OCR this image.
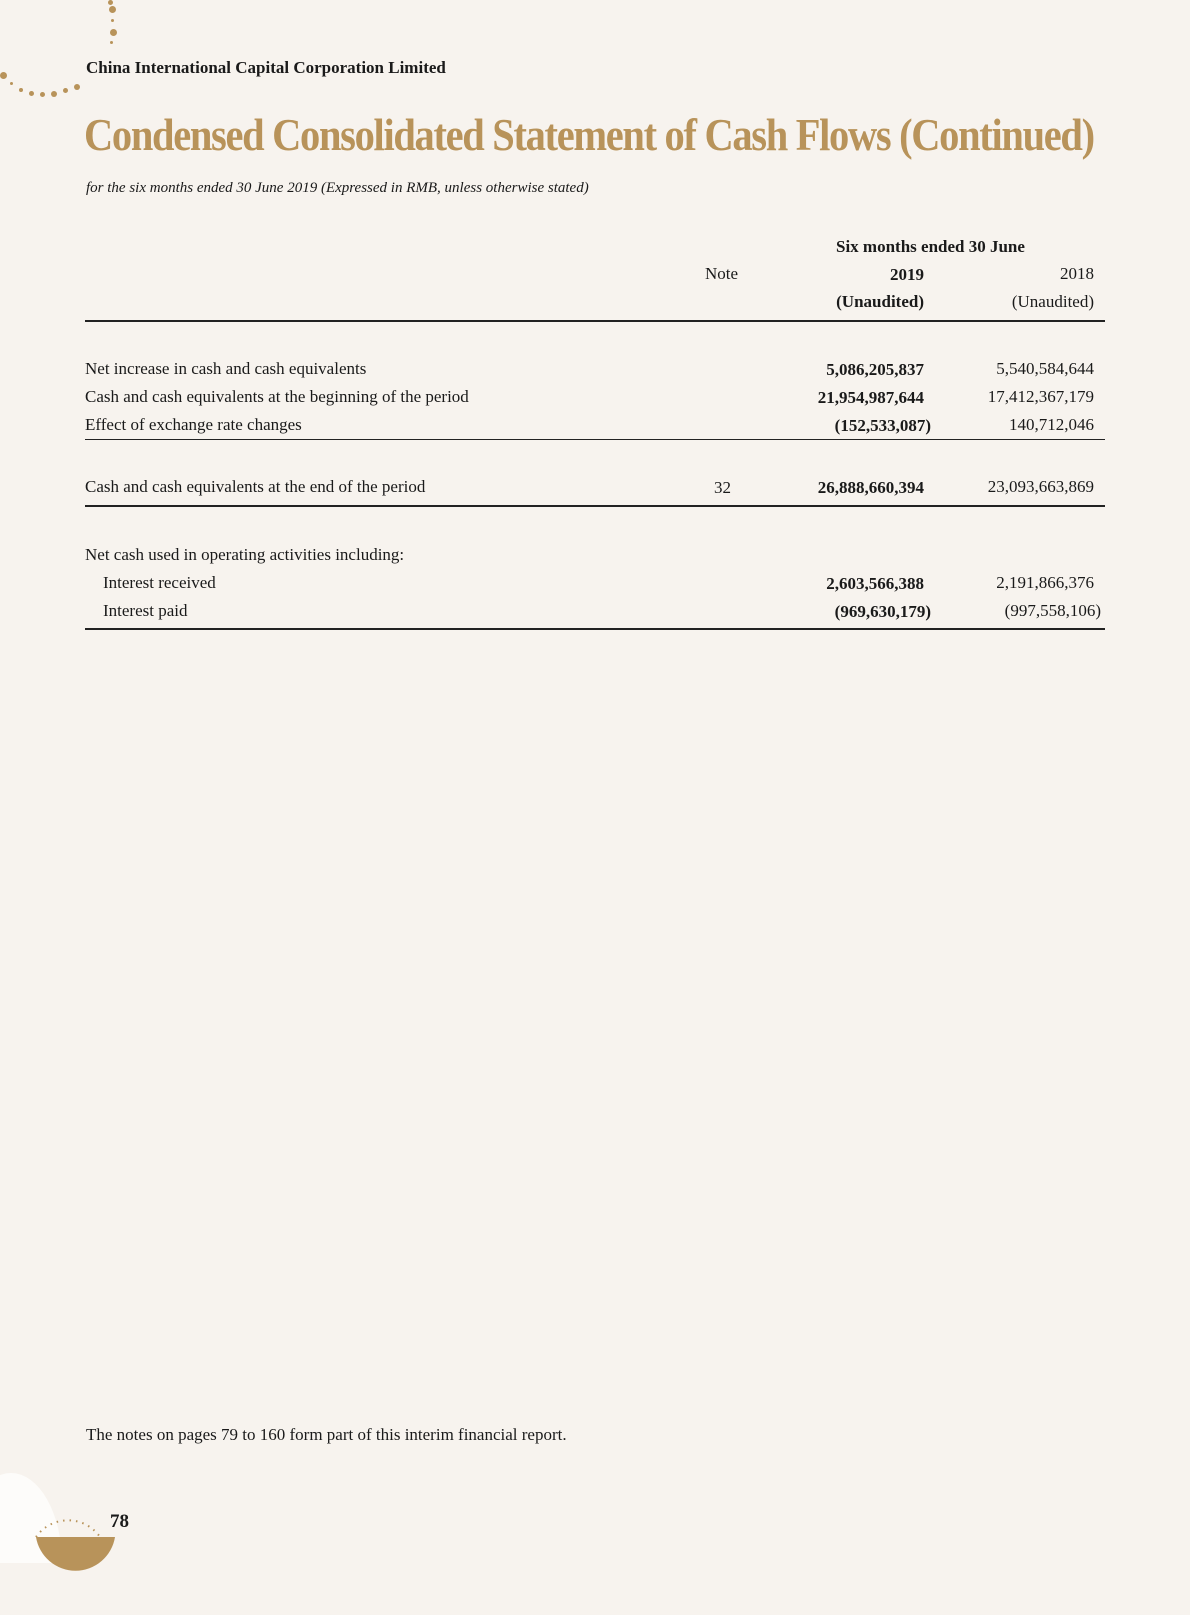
China International Capital Corporation Limited
Condensed Consolidated Statement of Cash Flows (Continued)
for the six months ended 30 June 2019 (Expressed in RMB, unless otherwise stated)
Six months ended 30 June
Note	2019	2018
(Unaudited)	(Unaudited)
Net increase in cash and cash equivalents	5,086,205,837	5,540,584,644
Cash and cash equivalents at the beginning of the period	21,954,987,644	17,412,367,179
Effect of exchange rate changes	(152,533,087)	140,712,046
Cash and cash equivalents at the end of the period	32	26,888,660,394	23,093,663,869
Net cash used in operating activities including:
Interest received	2,603,566,388	2,191,866,376
Interest paid	(969,630,179)	(997,558,106)
The notes on pages 79 to 160 form part of this interim financial report.
78
